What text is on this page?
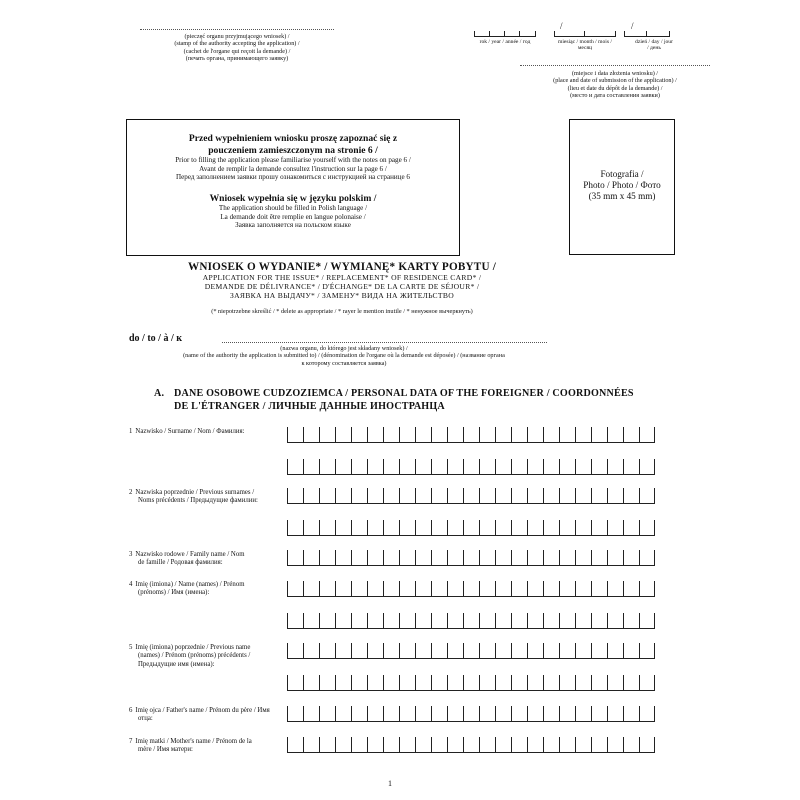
(pieczęć organu przyjmującego wniosek) /
(stamp of the authority accepting the application) /
(cachet de l'organe qui reçoit la demande) /
(печать органа, принимающего заявку)
/	/
rok / year / année / год	miesiąc / month / mois / месяц
dzień / day / jour / день
(miejsce i data złożenia wniosku) /
(place and date of submission of the application) /
(lieu et date du dépôt de la demande) /
(место и дата составления заявки)
Przed wypełnieniem wniosku proszę zapoznać się z pouczeniem zamieszczonym na stronie 6 /
Prior to filling the application please familiarise yourself with the notes on page 6 /
Avant de remplir la demande consultez l'instruction sur la page 6 /
Перед заполнением заявки прошу ознакомиться с инструкцией на странице 6
Wniosek wypełnia się w języku polskim /
The application should be filled in Polish language /
La demande doit être remplie en langue polonaise /
Заявка заполняется на польском языке
Fotografia /
Photo / Photo / Фото
(35 mm x 45 mm)
WNIOSEK O WYDANIE* / WYMIANĘ* KARTY POBYTU /
APPLICATION FOR THE ISSUE* / REPLACEMENT* OF RESIDENCE CARD* /
DEMANDE DE DÉLIVRANCE* / D'ÉCHANGE* DE LA CARTE DE SÉJOUR* /
ЗАЯВКА НА ВЫДАЧУ* / ЗАМЕНУ* ВИДА НА ЖИТЕЛЬСТВО
(* niepotrzebne skreślić / * delete as appropriate / * rayer le mention inutile / * ненужное вычеркнуть)
do / to / à / к
(nazwa organu, do którego jest składany wniosek) /
(name of the authority the application is submitted to) / (dénomination de l'organe où la demande est déposée) / (название органа
к которому составляется заявка)
A. DANE OSOBOWE CUDZOZIEMCA / PERSONAL DATA OF THE FOREIGNER / COORDONNÉES
DE L'ÉTRANGER / ЛИЧНЫЕ ДАННЫЕ ИНОСТРАНЦА
1 Nazwisko / Surname / Nom / Фамилия:
2 Nazwiska poprzednie / Previous surnames /
Noms précédents / Предыдущие фамилии:
3 Nazwisko rodowe / Family name / Nom
de famille / Родовая фамилия:
4 Imię (imiona) / Name (names) / Prénom
(prénoms) / Имя (имена):
5 Imię (imiona) poprzednie / Previous name
(names) / Prénom (prénoms) précédents /
Предыдущие имя (имена):
6 Imię ojca / Father's name / Prénom du père / Имя
отца:
7 Imię matki / Mother's name / Prénom de la
mère / Имя матери:
1
